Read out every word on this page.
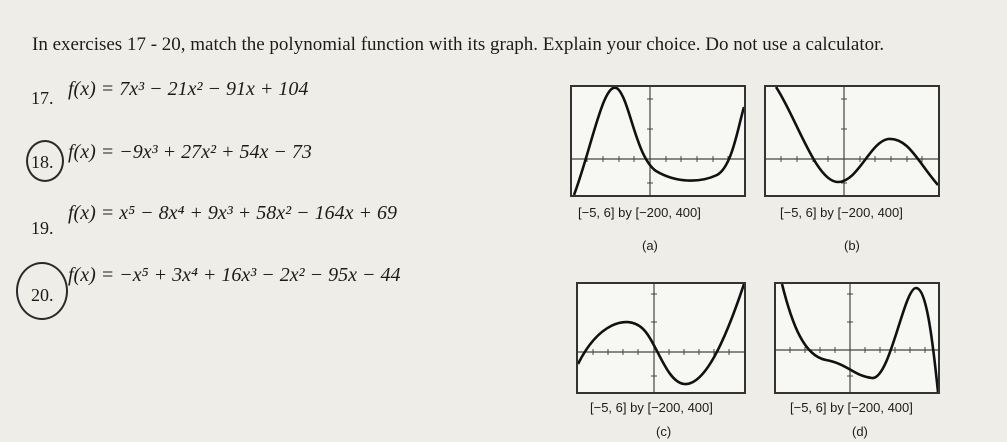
In exercises 17 - 20, match the polynomial function with its graph. Explain your choice. Do not use a calculator.
17. f(x) = 7x³ − 21x² − 91x + 104
18. f(x) = −9x³ + 27x² + 54x − 73
19.
f(x) = x⁵ − 8x⁴ + 9x³ + 58x² − 164x + 69
20.
f(x) = −x⁵ + 3x⁴ + 16x³ − 2x² − 95x − 44
[−5, 6] by [−200, 400]
(a)
[−5, 6] by [−200, 400]
(b)
[−5, 6] by [−200, 400]
(c)
[−5, 6] by [−200, 400]
(d)
